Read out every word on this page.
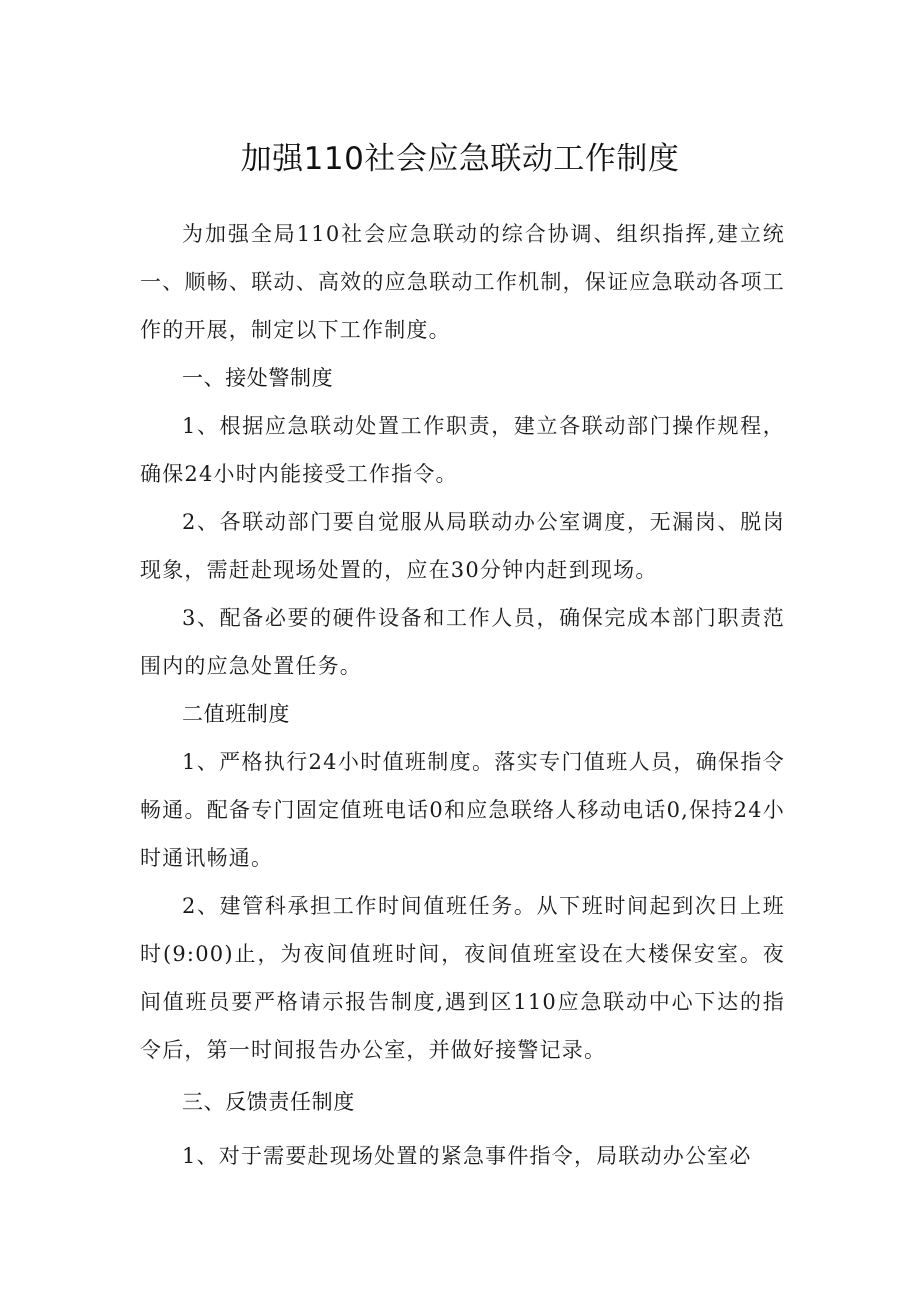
加强110社会应急联动工作制度

为加强全局110社会应急联动的综合协调、组织指挥,建立统一、顺畅、联动、高效的应急联动工作机制，保证应急联动各项工作的开展，制定以下工作制度。

一、接处警制度

1、根据应急联动处置工作职责，建立各联动部门操作规程，确保24小时内能接受工作指令。

2、各联动部门要自觉服从局联动办公室调度，无漏岗、脱岗现象，需赶赴现场处置的，应在30分钟内赶到现场。

3、配备必要的硬件设备和工作人员，确保完成本部门职责范围内的应急处置任务。

二值班制度

1、严格执行24小时值班制度。落实专门值班人员，确保指令畅通。配备专门固定值班电话0和应急联络人移动电话0,保持24小时通讯畅通。

2、建管科承担工作时间值班任务。从下班时间起到次日上班时(9:00)止，为夜间值班时间，夜间值班室设在大楼保安室。夜间值班员要严格请示报告制度,遇到区110应急联动中心下达的指令后，第一时间报告办公室，并做好接警记录。

三、反馈责任制度

1、对于需要赴现场处置的紧急事件指令，局联动办公室必
